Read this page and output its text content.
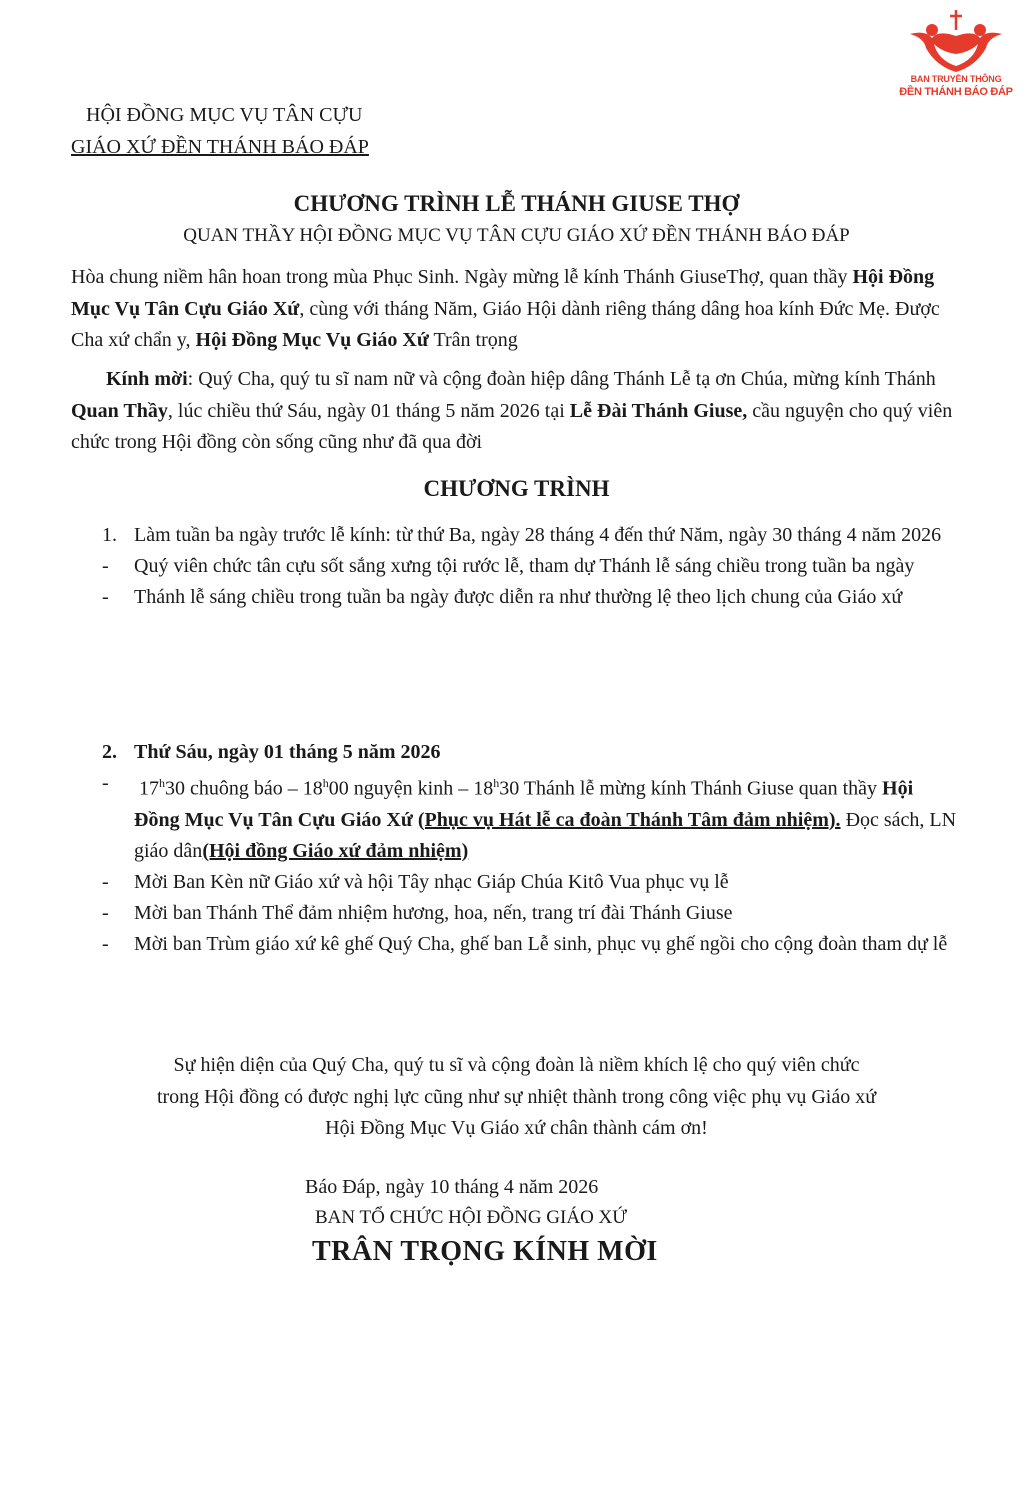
BAN TRUYỀN THÔNG
ĐỀN THÁNH BÁO ĐÁP
HỘI ĐỒNG MỤC VỤ TÂN CỰU
GIÁO XỨ ĐỀN THÁNH BÁO ĐÁP
CHƯƠNG TRÌNH LỄ THÁNH GIUSE THỢ
QUAN THẦY HỘI ĐỒNG MỤC VỤ TÂN CỰU GIÁO XỨ ĐỀN THÁNH BÁO ĐÁP
Hòa chung niềm hân hoan trong mùa Phục Sinh. Ngày mừng lễ kính Thánh GiuseThợ, quan thầy Hội Đồng Mục Vụ Tân Cựu Giáo Xứ, cùng với tháng Năm, Giáo Hội dành riêng tháng dâng hoa kính Đức Mẹ. Được Cha xứ chẩn y, Hội Đồng Mục Vụ Giáo Xứ Trân trọng
Kính mời: Quý Cha, quý tu sĩ nam nữ và cộng đoàn hiệp dâng Thánh Lễ tạ ơn Chúa, mừng kính Thánh Quan Thầy, lúc chiều thứ Sáu, ngày 01 tháng 5 năm 2026 tại Lễ Đài Thánh Giuse, cầu nguyện cho quý viên chức trong Hội đồng còn sống cũng như đã qua đời
CHƯƠNG TRÌNH
1. Làm tuần ba ngày trước lễ kính: từ thứ Ba, ngày 28 tháng 4 đến thứ Năm, ngày 30 tháng 4 năm 2026
- Quý viên chức tân cựu sốt sắng xưng tội rước lễ, tham dự Thánh lễ sáng chiều trong tuần ba ngày
- Thánh lễ sáng chiều trong tuần ba ngày được diễn ra như thường lệ theo lịch chung của Giáo xứ
2. Thứ Sáu, ngày 01 tháng 5 năm 2026
- 17$^h$30 chuông báo – 18$^h$00 nguyện kinh – 18$^h$30 Thánh lễ mừng kính Thánh Giuse quan thầy Hội Đồng Mục Vụ Tân Cựu Giáo Xứ (Phục vụ Hát lễ ca đoàn Thánh Tâm đảm nhiệm). Đọc sách, LN giáo dân(Hội đồng Giáo xứ đảm nhiệm)
- Mời Ban Kèn nữ Giáo xứ và hội Tây nhạc Giáp Chúa Kitô Vua phục vụ lễ
- Mời ban Thánh Thể đảm nhiệm hương, hoa, nến, trang trí đài Thánh Giuse
- Mời ban Trùm giáo xứ kê ghế Quý Cha, ghế ban Lễ sinh, phục vụ ghế ngồi cho cộng đoàn tham dự lễ
Sự hiện diện của Quý Cha, quý tu sĩ và cộng đoàn là niềm khích lệ cho quý viên chức
trong Hội đồng có được nghị lực cũng như sự nhiệt thành trong công việc phụ vụ Giáo xứ
Hội Đồng Mục Vụ Giáo xứ chân thành cám ơn!
Báo Đáp, ngày 10 tháng 4 năm 2026
BAN TỔ CHỨC HỘI ĐỒNG GIÁO XỨ
TRÂN TRỌNG KÍNH MỜI
